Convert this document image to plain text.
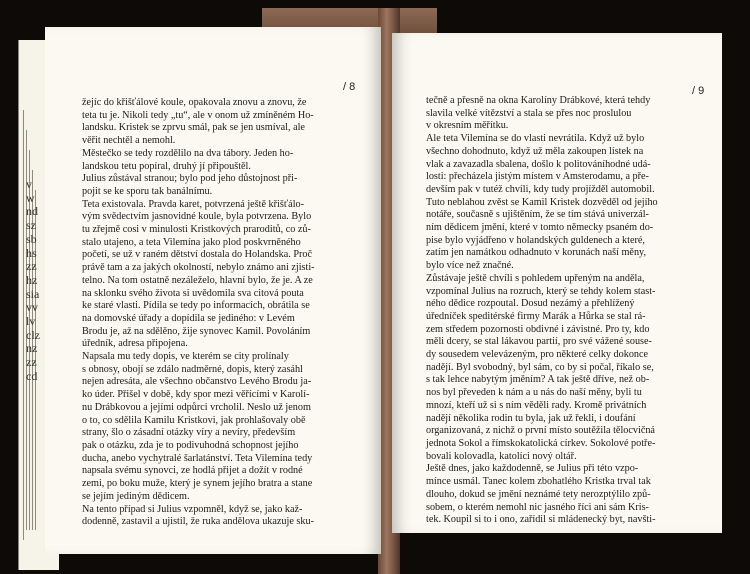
vwndszsbhszzhzsia vvlvclznzzzcd
/ 8
žejíc do křišťálové koule, opakovala znovu a znovu, že
teta tu je. Nikoli tedy „tu“, ale v onom už zmíněném Ho-
landsku. Kristek se zprvu smál, pak se jen usmíval, ale
věřit nechtěl a nemohl.
Městečko se tedy rozdělilo na dva tábory. Jeden ho-
landskou tetu popíral, druhý jí připouštěl.
Julius zůstával stranou; bylo pod jeho důstojnost při-
pojit se ke sporu tak banálnímu.
Teta existovala. Pravda karet, potvrzená ještě křišťálo-
vým svědectvím jasnovidné koule, byla potvrzena. Bylo
tu zřejmě cosi v minulosti Kristkových praroditů, co zů-
stalo utajeno, a teta Vilemína jako plod poskvrněného
početí, se už v raném dětství dostala do Holandska. Proč
právě tam a za jakých okolností, nebylo známo ani zjisti-
telno. Na tom ostatně nezáleželo, hlavní bylo, že je. A ze
na sklonku svého života si uvědomila sva citová pouta
ke staré vlasti. Pídila se tedy po informacích, obrátila se
na domovské úřady a dopídila se jediného: v Levém
Brodu je, až na sdělěno, žije synovec Kamil. Povoláním
úředník, adresa připojena.
Napsala mu tedy dopis, ve kterém se city prolínaly
s obnosy, obojí se zdálo nadměrné, dopis, který zasáhl
nejen adresáta, ale všechno občanstvo Levého Brodu ja-
ko úder. Přišel v době, kdy spor mezi věřícími v Karolí-
nu Drábkovou a jejími odpůrci vrcholil. Neslo už jenom
o to, co sdělila Kamilu Kristkovi, jak prohlašovaly obě
strany, šlo o zásadní otázky víry a nevíry, především
pak o otázku, zda je to podivuhodná schopnost jejího
ducha, anebo vychytralé šarlatánství. Teta Vilemína tedy
napsala svému synovci, ze hodlá přijet a dožít v rodné
zemi, po boku muže, který je synem jejího bratra a stane
se jejím jediným dědicem.
Na tento případ si Julius vzpomněl, když se, jako kaž-
dodenně, zastavil a ujistil, že ruka andělova ukazuje sku-
/ 9
tečně a přesně na okna Karolíny Drábkové, která tehdy
slavila velké vítězství a stala se přes noc proslulou
v okresním měřítku.
Ale teta Vilemína se do vlasti nevrátila. Když už bylo
všechno dohodnuto, když už měla zakoupen lístek na
vlak a zavazadla sbalena, došlo k politováníhodné udá-
losti: přecházela jistým místem v Amsterodamu, a pře-
devším pak v tutéž chvíli, kdy tudy projížděl automobil.
Tuto neblahou zvěst se Kamil Kristek dozvěděl od jejího
notáře, současně s ujištěním, že se tím stává univerzál-
ním dědicem jmění, které v tomto německy psaném do-
pise bylo vyjádřeno v holandských guldenech a které,
zatím jen namátkou odhadnuto v korunách naší měny,
bylo více než značné.
Zůstávaje ještě chvíli s pohledem upřeným na anděla,
vzpomínal Julius na rozruch, který se tehdy kolem stast-
ného dědice rozpoutal. Dosud nezámý a přehlížený
úředníček speditérské firmy Marák a Hůrka se stal rá-
zem středem pozornosti obdivné i závistné. Pro ty, kdo
měli dcery, se stal lákavou partií, pro své vážené souse-
dy sousedem velevázeným, pro některé celky dokonce
nadějí. Byl svobodný, byl sám, co by si počal, říkalo se,
s tak lehce nabytým jměním? A tak ještě dříve, než ob-
nos byl převeden k nám a u nás do naší měny, byli tu
mnozí, kteří už si s ním věděli rady. Kromě privátních
nadějí několika rodin tu byla, jak už řekli, i doufání
organizovaná, z nichž o první místo soutěžila tělocvičná
jednota Sokol a římskokatolická církev. Sokolové potře-
bovali kolovadla, katolíci nový oltář.
Ještě dnes, jako každodenně, se Julius při této vzpo-
mínce usmál. Tanec kolem zbohatlého Kristka trval tak
dlouho, dokud se jmění neznámé tety nerozptýlilo způ-
sobem, o kterém nemohl nic jasného říci ani sám Kris-
tek. Koupil si to i ono, zařídil si mládenecký byt, navšti-
